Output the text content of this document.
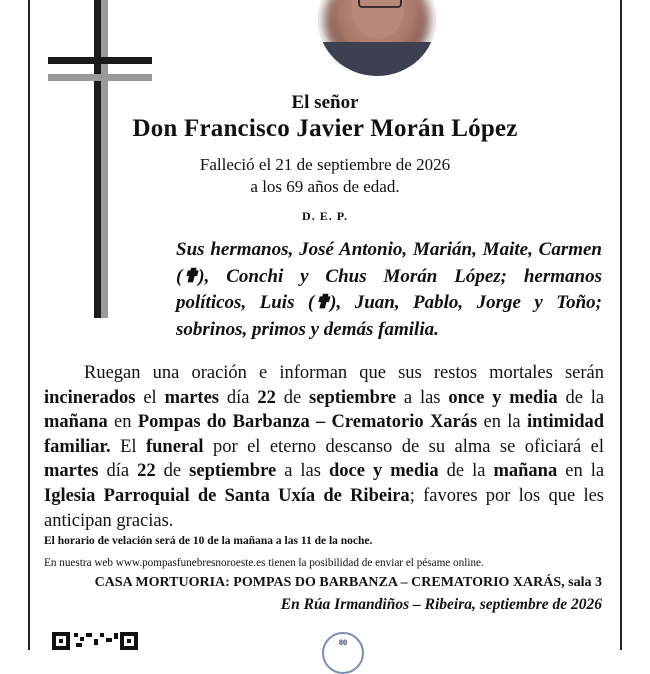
El señor
Don Francisco Javier Morán López
Falleció el 21 de septiembre de 2026
a los 69 años de edad.
D. E. P.
Sus hermanos, José Antonio, Marián, Maite, Carmen (✟), Conchi y Chus Morán López; hermanos políticos, Luis (✟), Juan, Pablo, Jorge y Toño; sobrinos, primos y demás familia.
Ruegan una oración e informan que sus restos mortales serán incinerados el martes día 22 de septiembre a las once y media de la mañana en Pompas do Barbanza – Crematorio Xarás en la intimidad familiar. El funeral por el eterno descanso de su alma se oficiará el martes día 22 de septiembre a las doce y media de la mañana en la Iglesia Parroquial de Santa Uxía de Ribeira; favores por los que les anticipan gracias.
El horario de velación será de 10 de la mañana a las 11 de la noche.
En nuestra web www.pompasfunebresnoroeste.es tienen la posibilidad de enviar el pésame online.
CASA MORTUORIA: POMPAS DO BARBANZA – CREMATORIO XARÁS, sala 3
En Rúa Irmandiños – Ribeira, septiembre de 2026
80
